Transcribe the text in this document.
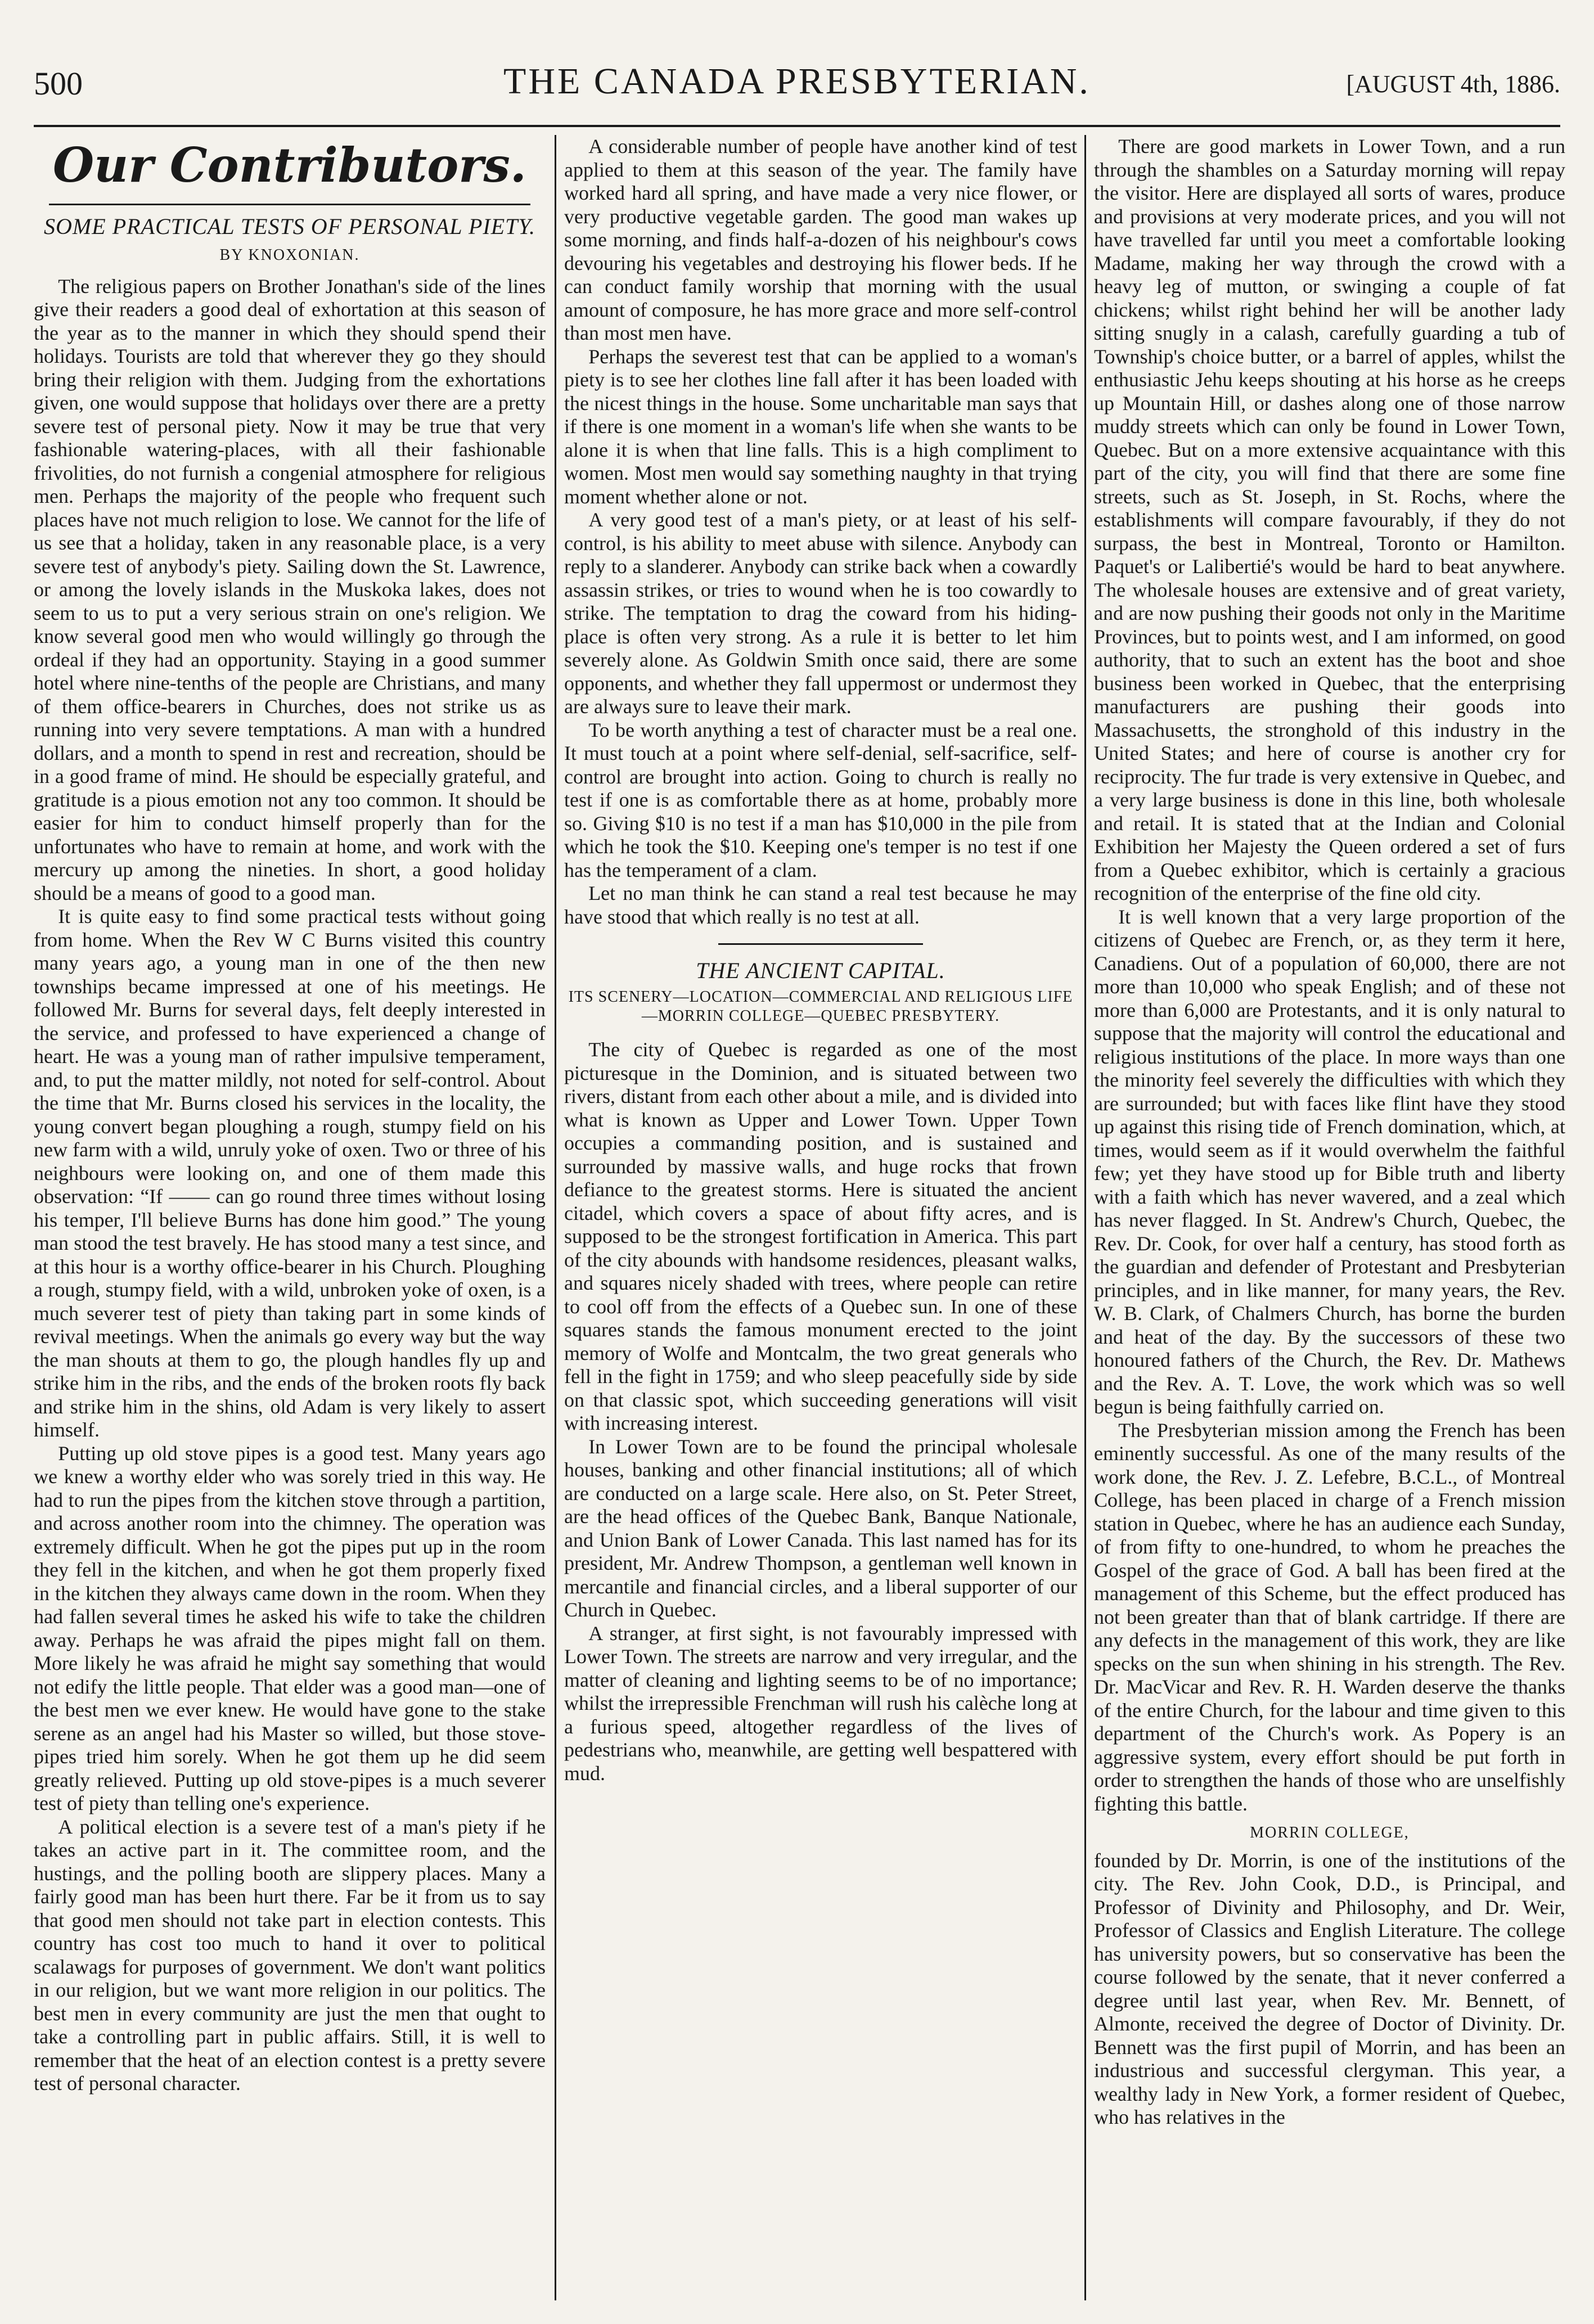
500	THE CANADA PRESBYTERIAN.	[AUGUST 4th, 1886.
Our Contributors.

SOME PRACTICAL TESTS OF PERSONAL PIETY.

BY KNOXONIAN.

The religious papers on Brother Jonathan's side of the lines give their readers a good deal of exhortation at this season of the year as to the manner in which they should spend their holidays. Tourists are told that wherever they go they should bring their religion with them. Judging from the exhortations given, one would suppose that holidays over there are a pretty severe test of personal piety. Now it may be true that very fashionable watering-places, with all their fashionable frivolities, do not furnish a congenial atmosphere for religious men. Perhaps the majority of the people who frequent such places have not much religion to lose. We cannot for the life of us see that a holiday, taken in any reasonable place, is a very severe test of anybody's piety. Sailing down the St. Lawrence, or among the lovely islands in the Muskoka lakes, does not seem to us to put a very serious strain on one's religion. We know several good men who would willingly go through the ordeal if they had an opportunity. Staying in a good summer hotel where nine-tenths of the people are Christians, and many of them office-bearers in Churches, does not strike us as running into very severe temptations. A man with a hundred dollars, and a month to spend in rest and recreation, should be in a good frame of mind. He should be especially grateful, and gratitude is a pious emotion not any too common. It should be easier for him to conduct himself properly than for the unfortunates who have to remain at home, and work with the mercury up among the nineties. In short, a good holiday should be a means of good to a good man.

It is quite easy to find some practical tests without going from home. When the Rev W C Burns visited this country many years ago, a young man in one of the then new townships became impressed at one of his meetings. He followed Mr. Burns for several days, felt deeply interested in the service, and professed to have experienced a change of heart. He was a young man of rather impulsive temperament, and, to put the matter mildly, not noted for self-control. About the time that Mr. Burns closed his services in the locality, the young convert began ploughing a rough, stumpy field on his new farm with a wild, unruly yoke of oxen. Two or three of his neighbours were looking on, and one of them made this observation: “If —— can go round three times without losing his temper, I'll believe Burns has done him good.” The young man stood the test bravely. He has stood many a test since, and at this hour is a worthy office-bearer in his Church. Ploughing a rough, stumpy field, with a wild, unbroken yoke of oxen, is a much severer test of piety than taking part in some kinds of revival meetings. When the animals go every way but the way the man shouts at them to go, the plough handles fly up and strike him in the ribs, and the ends of the broken roots fly back and strike him in the shins, old Adam is very likely to assert himself.

Putting up old stove pipes is a good test. Many years ago we knew a worthy elder who was sorely tried in this way. He had to run the pipes from the kitchen stove through a partition, and across another room into the chimney. The operation was extremely difficult. When he got the pipes put up in the room they fell in the kitchen, and when he got them properly fixed in the kitchen they always came down in the room. When they had fallen several times he asked his wife to take the children away. Perhaps he was afraid the pipes might fall on them. More likely he was afraid he might say something that would not edify the little people. That elder was a good man—one of the best men we ever knew. He would have gone to the stake serene as an angel had his Master so willed, but those stove-pipes tried him sorely. When he got them up he did seem greatly relieved. Putting up old stove-pipes is a much severer test of piety than telling one's experience.

A political election is a severe test of a man's piety if he takes an active part in it. The committee room, and the hustings, and the polling booth are slippery places. Many a fairly good man has been hurt there. Far be it from us to say that good men should not take part in election contests. This country has cost too much to hand it over to political scalawags for purposes of government. We don't want politics in our religion, but we want more religion in our politics. The best men in every community are just the men that ought to take a controlling part in public affairs. Still, it is well to remember that the heat of an election contest is a pretty severe test of personal character.

A considerable number of people have another kind of test applied to them at this season of the year. The family have worked hard all spring, and have made a very nice flower, or very productive vegetable garden. The good man wakes up some morning, and finds half-a-dozen of his neighbour's cows devouring his vegetables and destroying his flower beds. If he can conduct family worship that morning with the usual amount of composure, he has more grace and more self-control than most men have.

Perhaps the severest test that can be applied to a woman's piety is to see her clothes line fall after it has been loaded with the nicest things in the house. Some uncharitable man says that if there is one moment in a woman's life when she wants to be alone it is when that line falls. This is a high compliment to women. Most men would say something naughty in that trying moment whether alone or not.

A very good test of a man's piety, or at least of his self-control, is his ability to meet abuse with silence. Anybody can reply to a slanderer. Anybody can strike back when a cowardly assassin strikes, or tries to wound when he is too cowardly to strike. The temptation to drag the coward from his hiding-place is often very strong. As a rule it is better to let him severely alone. As Goldwin Smith once said, there are some opponents, and whether they fall uppermost or undermost they are always sure to leave their mark.

To be worth anything a test of character must be a real one. It must touch at a point where self-denial, self-sacrifice, self-control are brought into action. Going to church is really no test if one is as comfortable there as at home, probably more so. Giving $10 is no test if a man has $10,000 in the pile from which he took the $10. Keeping one's temper is no test if one has the temperament of a clam.

Let no man think he can stand a real test because he may have stood that which really is no test at all.

THE ANCIENT CAPITAL.

ITS SCENERY—LOCATION—COMMERCIAL AND RELIGIOUS LIFE—MORRIN COLLEGE—QUEBEC PRESBYTERY.

The city of Quebec is regarded as one of the most picturesque in the Dominion, and is situated between two rivers, distant from each other about a mile, and is divided into what is known as Upper and Lower Town. Upper Town occupies a commanding position, and is sustained and surrounded by massive walls, and huge rocks that frown defiance to the greatest storms. Here is situated the ancient citadel, which covers a space of about fifty acres, and is supposed to be the strongest fortification in America. This part of the city abounds with handsome residences, pleasant walks, and squares nicely shaded with trees, where people can retire to cool off from the effects of a Quebec sun. In one of these squares stands the famous monument erected to the joint memory of Wolfe and Montcalm, the two great generals who fell in the fight in 1759; and who sleep peacefully side by side on that classic spot, which succeeding generations will visit with increasing interest.

In Lower Town are to be found the principal wholesale houses, banking and other financial institutions; all of which are conducted on a large scale. Here also, on St. Peter Street, are the head offices of the Quebec Bank, Banque Nationale, and Union Bank of Lower Canada. This last named has for its president, Mr. Andrew Thompson, a gentleman well known in mercantile and financial circles, and a liberal supporter of our Church in Quebec.

A stranger, at first sight, is not favourably impressed with Lower Town. The streets are narrow and very irregular, and the matter of cleaning and lighting seems to be of no importance; whilst the irrepressible Frenchman will rush his calèche long at a furious speed, altogether regardless of the lives of pedestrians who, meanwhile, are getting well bespattered with mud.

There are good markets in Lower Town, and a run through the shambles on a Saturday morning will repay the visitor. Here are displayed all sorts of wares, produce and provisions at very moderate prices, and you will not have travelled far until you meet a comfortable looking Madame, making her way through the crowd with a heavy leg of mutton, or swinging a couple of fat chickens; whilst right behind her will be another lady sitting snugly in a calash, carefully guarding a tub of Township's choice butter, or a barrel of apples, whilst the enthusiastic Jehu keeps shouting at his horse as he creeps up Mountain Hill, or dashes along one of those narrow muddy streets which can only be found in Lower Town, Quebec. But on a more extensive acquaintance with this part of the city, you will find that there are some fine streets, such as St. Joseph, in St. Rochs, where the establishments will compare favourably, if they do not surpass, the best in Montreal, Toronto or Hamilton. Paquet's or Lalibertié's would be hard to beat anywhere. The wholesale houses are extensive and of great variety, and are now pushing their goods not only in the Maritime Provinces, but to points west, and I am informed, on good authority, that to such an extent has the boot and shoe business been worked in Quebec, that the enterprising manufacturers are pushing their goods into Massachusetts, the stronghold of this industry in the United States; and here of course is another cry for reciprocity. The fur trade is very extensive in Quebec, and a very large business is done in this line, both wholesale and retail. It is stated that at the Indian and Colonial Exhibition her Majesty the Queen ordered a set of furs from a Quebec exhibitor, which is certainly a gracious recognition of the enterprise of the fine old city.

It is well known that a very large proportion of the citizens of Quebec are French, or, as they term it here, Canadiens. Out of a population of 60,000, there are not more than 10,000 who speak English; and of these not more than 6,000 are Protestants, and it is only natural to suppose that the majority will control the educational and religious institutions of the place. In more ways than one the minority feel severely the difficulties with which they are surrounded; but with faces like flint have they stood up against this rising tide of French domination, which, at times, would seem as if it would overwhelm the faithful few; yet they have stood up for Bible truth and liberty with a faith which has never wavered, and a zeal which has never flagged. In St. Andrew's Church, Quebec, the Rev. Dr. Cook, for over half a century, has stood forth as the guardian and defender of Protestant and Presbyterian principles, and in like manner, for many years, the Rev. W. B. Clark, of Chalmers Church, has borne the burden and heat of the day. By the successors of these two honoured fathers of the Church, the Rev. Dr. Mathews and the Rev. A. T. Love, the work which was so well begun is being faithfully carried on.

The Presbyterian mission among the French has been eminently successful. As one of the many results of the work done, the Rev. J. Z. Lefebre, B.C.L., of Montreal College, has been placed in charge of a French mission station in Quebec, where he has an audience each Sunday, of from fifty to one-hundred, to whom he preaches the Gospel of the grace of God. A ball has been fired at the management of this Scheme, but the effect produced has not been greater than that of blank cartridge. If there are any defects in the management of this work, they are like specks on the sun when shining in his strength. The Rev. Dr. MacVicar and Rev. R. H. Warden deserve the thanks of the entire Church, for the labour and time given to this department of the Church's work. As Popery is an aggressive system, every effort should be put forth in order to strengthen the hands of those who are unselfishly fighting this battle.

MORRIN COLLEGE,

founded by Dr. Morrin, is one of the institutions of the city. The Rev. John Cook, D.D., is Principal, and Professor of Divinity and Philosophy, and Dr. Weir, Professor of Classics and English Literature. The college has university powers, but so conservative has been the course followed by the senate, that it never conferred a degree until last year, when Rev. Mr. Bennett, of Almonte, received the degree of Doctor of Divinity. Dr. Bennett was the first pupil of Morrin, and has been an industrious and successful clergyman. This year, a wealthy lady in New York, a former resident of Quebec, who has relatives in the
